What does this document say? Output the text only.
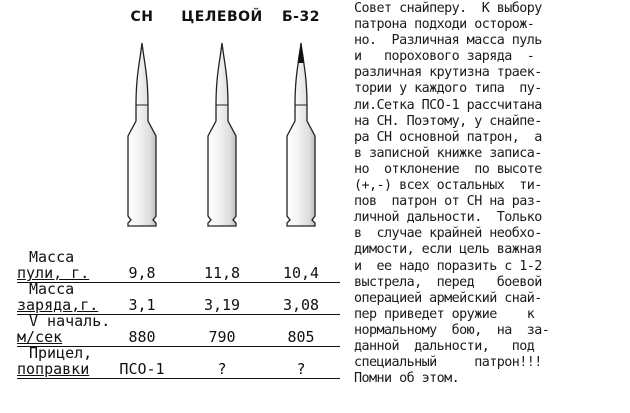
СН	ЦЕЛЕВОЙ	Б-32
Масса
пули, г.	9,8	11,8	10,4
Масса
заряда,г.	3,1	3,19	3,08
V началь.
м/сек	880	790	805
Прицел,
поправки	ПСО-1	?	?
Совет снайперу.  К выбору
патрона подходи осторож-
но.  Различная масса пуль
и   порохового заряда  -
различная крутизна траек-
тории у каждого типа  пу-
ли.Сетка ПСО-1 рассчитана
на СН. Поэтому, у снайпе-
ра СН основной патрон,  а
в записной книжке записа-
но  отклонение  по высоте
(+,-) всех остальных  ти-
пов  патрон от СН на раз-
личной дальности.  Только
в  случае крайней необхо-
димости, если цель важная
и  ее надо поразить с 1-2
выстрела,  перед   боевой
операцией армейский снай-
пер приведет оружие    к
нормальному  бою,  на  за-
данной  дальности,   под
специальный     патрон!!!
Помни об этом.
